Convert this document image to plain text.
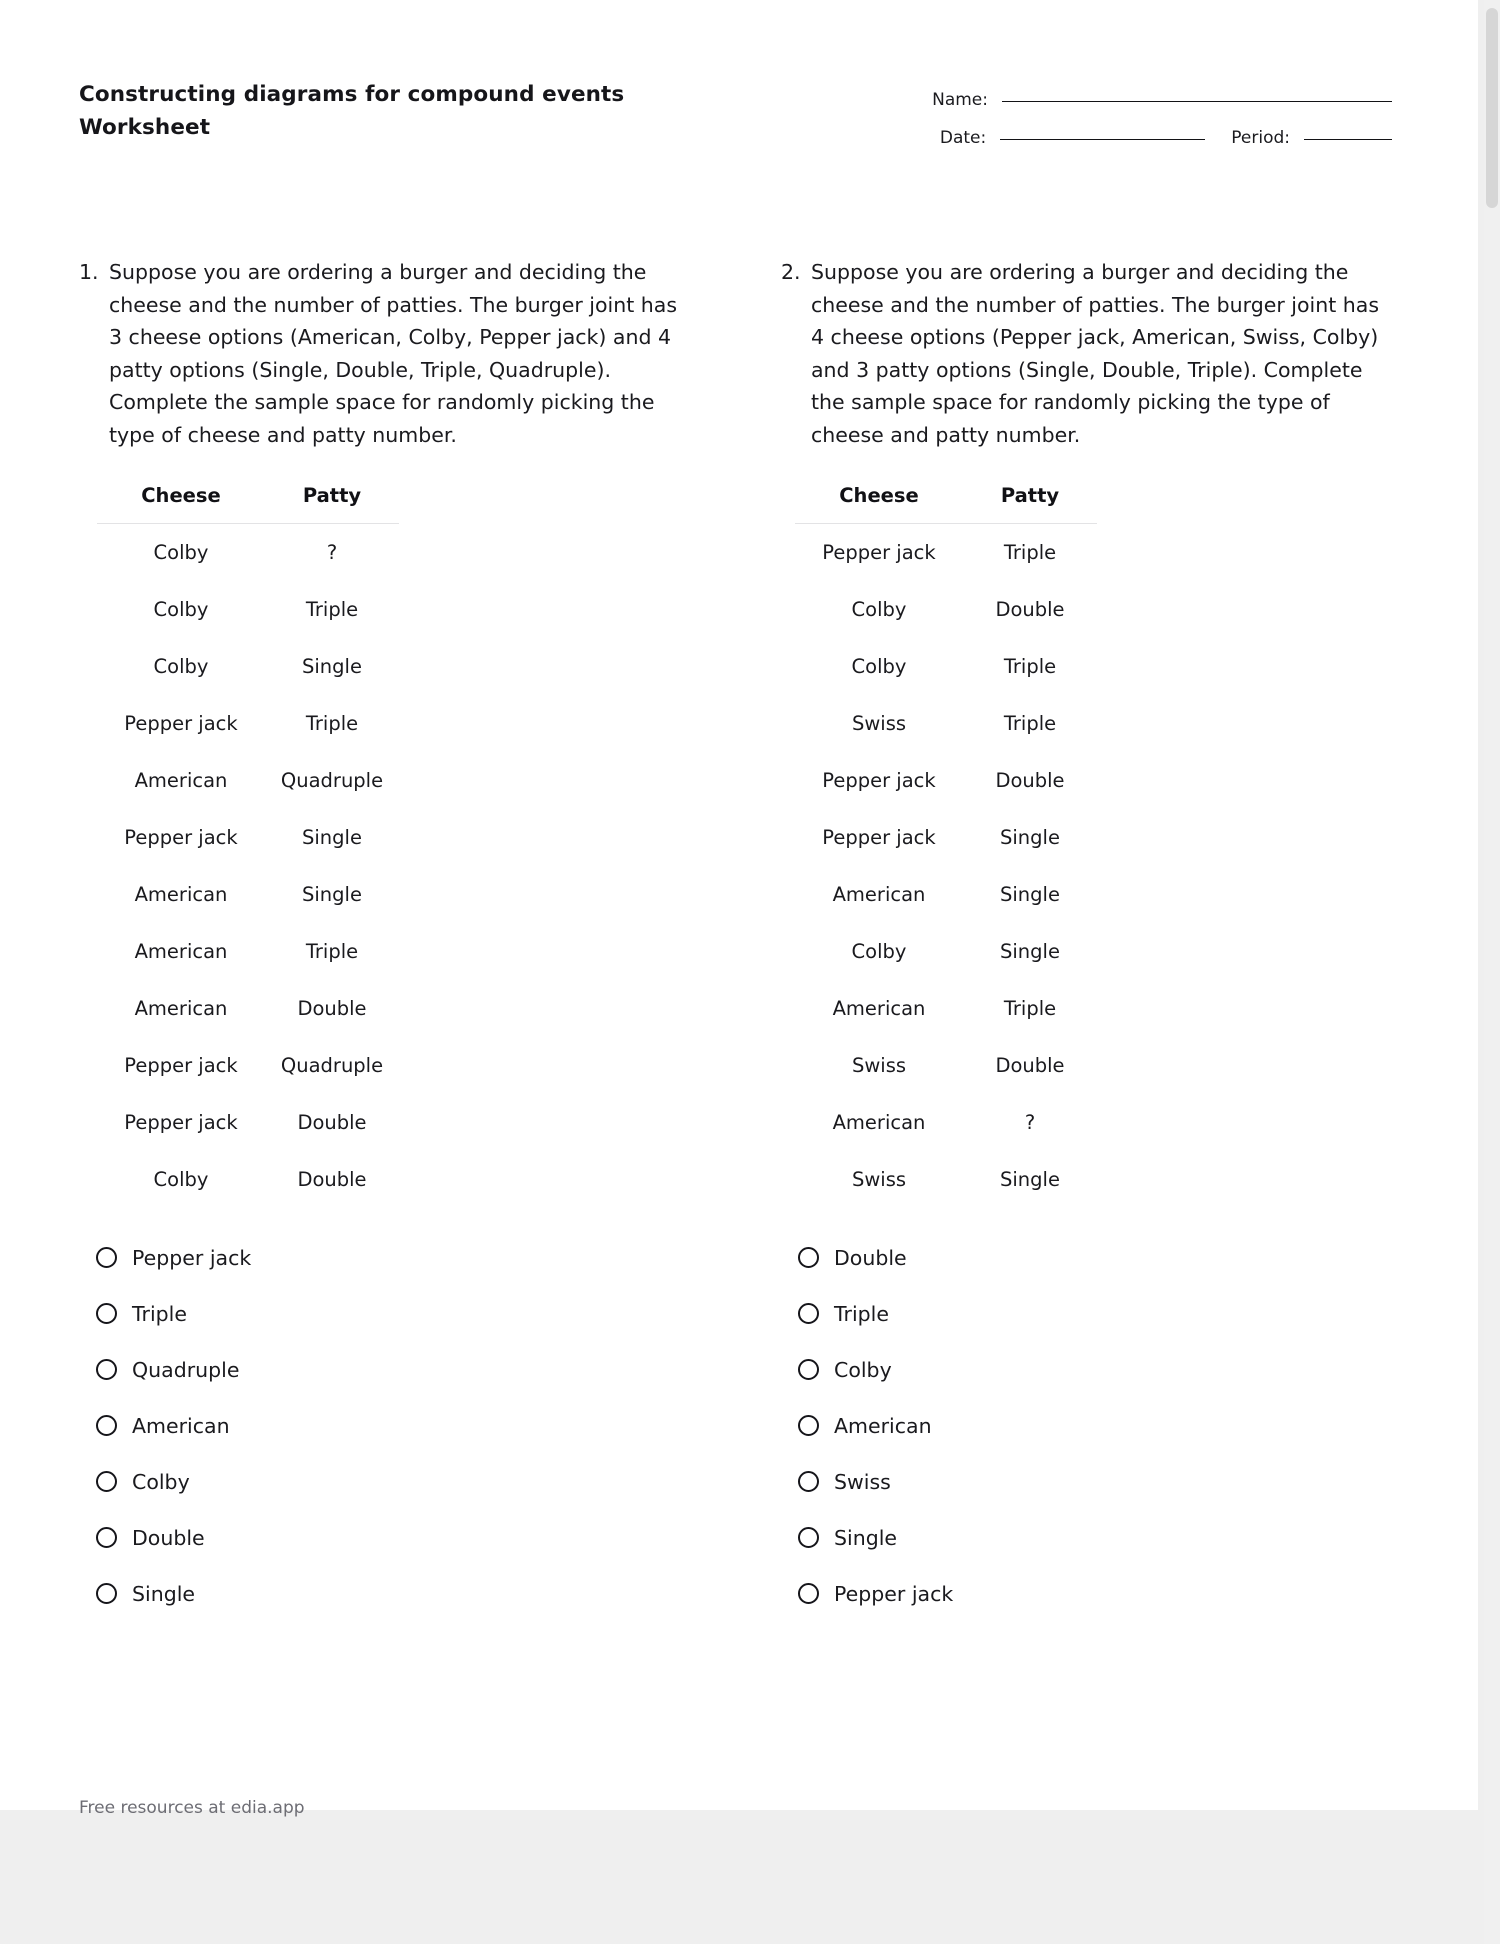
Constructing diagrams for compound events
Worksheet
Name:
Date:	Period:
1. Suppose you are ordering a burger and deciding the cheese and the number of patties. The burger joint has 3 cheese options (American, Colby, Pepper jack) and 4 patty options (Single, Double, Triple, Quadruple). Complete the sample space for randomly picking the type of cheese and patty number.
Cheese	Patty
Colby	?
Colby	Triple
Colby	Single
Pepper jack	Triple
American	Quadruple
Pepper jack	Single
American	Single
American	Triple
American	Double
Pepper jack	Quadruple
Pepper jack	Double
Colby	Double
Pepper jack
Triple
Quadruple
American
Colby
Double
Single
2. Suppose you are ordering a burger and deciding the cheese and the number of patties. The burger joint has 4 cheese options (Pepper jack, American, Swiss, Colby) and 3 patty options (Single, Double, Triple). Complete the sample space for randomly picking the type of cheese and patty number.
Cheese	Patty
Pepper jack	Triple
Colby	Double
Colby	Triple
Swiss	Triple
Pepper jack	Double
Pepper jack	Single
American	Single
Colby	Single
American	Triple
Swiss	Double
American	?
Swiss	Single
Double
Triple
Colby
American
Swiss
Single
Pepper jack
Free resources at edia.app
